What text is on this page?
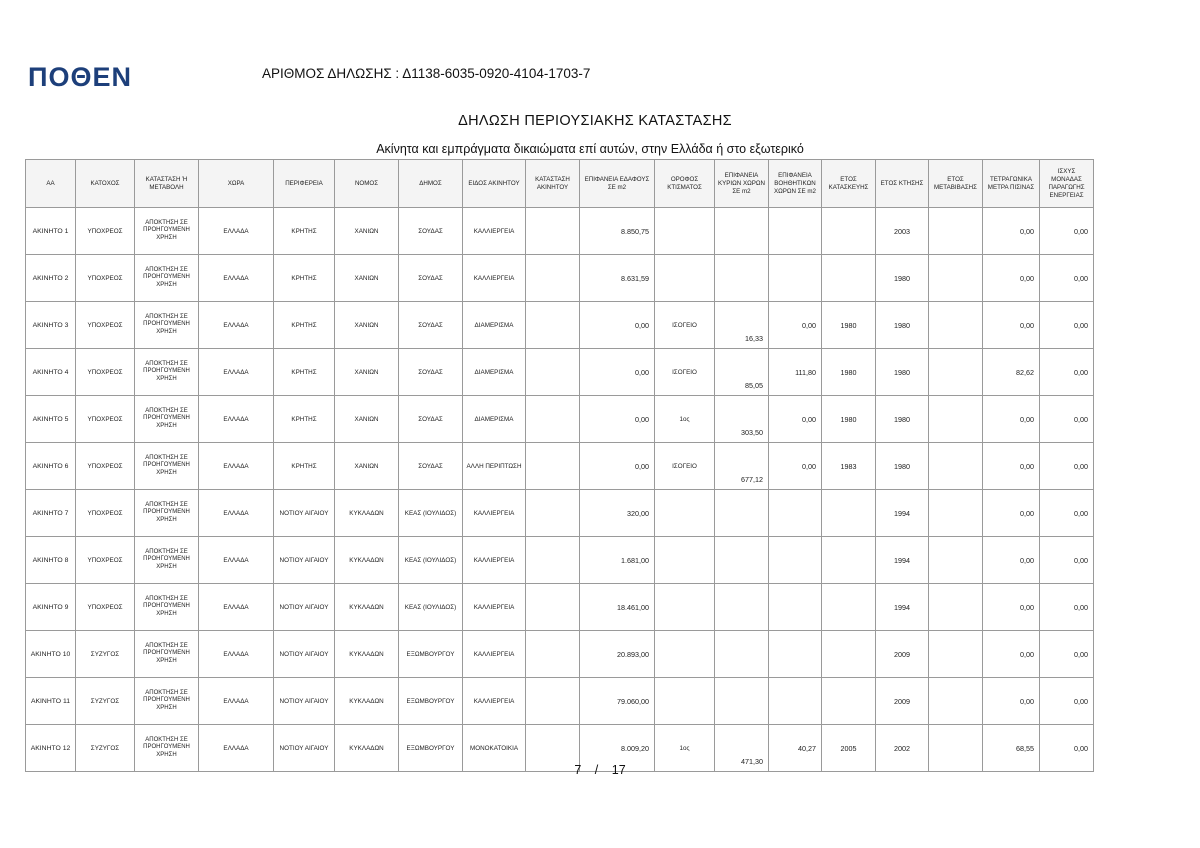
ΠΟΘΕΝ	ΑΡΙΘΜΟΣ ΔΗΛΩΣΗΣ : Δ1138-6035-0920-4104-1703-7
ΔΗΛΩΣΗ ΠΕΡΙΟΥΣΙΑΚΗΣ ΚΑΤΑΣΤΑΣΗΣ
Ακίνητα και εμπράγματα δικαιώματα επί αυτών, στην Ελλάδα ή στο εξωτερικό
ΑΑ	ΚΑΤΟΧΟΣ	ΚΑΤΑΣΤΑΣΗ Ή ΜΕΤΑΒΟΛΗ	ΧΩΡΑ	ΠΕΡΙΦΕΡΕΙΑ	ΝΟΜΟΣ	ΔΗΜΟΣ	ΕΙΔΟΣ ΑΚΙΝΗΤΟΥ	ΚΑΤΑΣΤΑΣΗ ΑΚΙΝΗΤΟΥ	ΕΠΙΦΑΝΕΙΑ ΕΔΑΦΟΥΣ ΣΕ m2	ΟΡΟΦΟΣ ΚΤΙΣΜΑΤΟΣ	ΕΠΙΦΑΝΕΙΑ ΚΥΡΙΩΝ ΧΩΡΩΝ ΣΕ m2	ΕΠΙΦΑΝΕΙΑ ΒΟΗΘΗΤΙΚΩΝ ΧΩΡΩΝ ΣΕ m2	ΕΤΟΣ ΚΑΤΑΣΚΕΥΗΣ	ΕΤΟΣ ΚΤΗΣΗΣ	ΕΤΟΣ ΜΕΤΑΒΙΒΑΣΗΣ	ΤΕΤΡΑΓΩΝΙΚΑ ΜΕΤΡΑ ΠΙΣΙΝΑΣ	ΙΣΧΥΣ ΜΟΝΑΔΑΣ ΠΑΡΑΓΩΓΗΣ ΕΝΕΡΓΕΙΑΣ
ΑΚΙΝΗΤΟ 1	ΥΠΟΧΡΕΟΣ	ΑΠΟΚΤΗΣΗ ΣΕ ΠΡΟΗΓΟΥΜΕΝΗ ΧΡΗΣΗ	ΕΛΛΑΔΑ	ΚΡΗΤΗΣ	ΧΑΝΙΩΝ	ΣΟΥΔΑΣ	ΚΑΛΛΙΕΡΓΕΙΑ		8.850,75					2003		0,00	0,00
ΑΚΙΝΗΤΟ 2	ΥΠΟΧΡΕΟΣ	ΑΠΟΚΤΗΣΗ ΣΕ ΠΡΟΗΓΟΥΜΕΝΗ ΧΡΗΣΗ	ΕΛΛΑΔΑ	ΚΡΗΤΗΣ	ΧΑΝΙΩΝ	ΣΟΥΔΑΣ	ΚΑΛΛΙΕΡΓΕΙΑ		8.631,59					1980		0,00	0,00
ΑΚΙΝΗΤΟ 3	ΥΠΟΧΡΕΟΣ	ΑΠΟΚΤΗΣΗ ΣΕ ΠΡΟΗΓΟΥΜΕΝΗ ΧΡΗΣΗ	ΕΛΛΑΔΑ	ΚΡΗΤΗΣ	ΧΑΝΙΩΝ	ΣΟΥΔΑΣ	ΔΙΑΜΕΡΙΣΜΑ		0,00	ΙΣΟΓΕΙΟ	16,33	0,00	1980	1980		0,00	0,00
ΑΚΙΝΗΤΟ 4	ΥΠΟΧΡΕΟΣ	ΑΠΟΚΤΗΣΗ ΣΕ ΠΡΟΗΓΟΥΜΕΝΗ ΧΡΗΣΗ	ΕΛΛΑΔΑ	ΚΡΗΤΗΣ	ΧΑΝΙΩΝ	ΣΟΥΔΑΣ	ΔΙΑΜΕΡΙΣΜΑ		0,00	ΙΣΟΓΕΙΟ	85,05	111,80	1980	1980		82,62	0,00
ΑΚΙΝΗΤΟ 5	ΥΠΟΧΡΕΟΣ	ΑΠΟΚΤΗΣΗ ΣΕ ΠΡΟΗΓΟΥΜΕΝΗ ΧΡΗΣΗ	ΕΛΛΑΔΑ	ΚΡΗΤΗΣ	ΧΑΝΙΩΝ	ΣΟΥΔΑΣ	ΔΙΑΜΕΡΙΣΜΑ		0,00	1ος	303,50	0,00	1980	1980		0,00	0,00
ΑΚΙΝΗΤΟ 6	ΥΠΟΧΡΕΟΣ	ΑΠΟΚΤΗΣΗ ΣΕ ΠΡΟΗΓΟΥΜΕΝΗ ΧΡΗΣΗ	ΕΛΛΑΔΑ	ΚΡΗΤΗΣ	ΧΑΝΙΩΝ	ΣΟΥΔΑΣ	ΑΛΛΗ ΠΕΡΙΠΤΩΣΗ		0,00	ΙΣΟΓΕΙΟ	677,12	0,00	1983	1980		0,00	0,00
ΑΚΙΝΗΤΟ 7	ΥΠΟΧΡΕΟΣ	ΑΠΟΚΤΗΣΗ ΣΕ ΠΡΟΗΓΟΥΜΕΝΗ ΧΡΗΣΗ	ΕΛΛΑΔΑ	ΝΟΤΙΟΥ ΑΙΓΑΙΟΥ	ΚΥΚΛΑΔΩΝ	ΚΕΑΣ (ΙΟΥΛΙΔΟΣ)	ΚΑΛΛΙΕΡΓΕΙΑ		320,00					1994		0,00	0,00
ΑΚΙΝΗΤΟ 8	ΥΠΟΧΡΕΟΣ	ΑΠΟΚΤΗΣΗ ΣΕ ΠΡΟΗΓΟΥΜΕΝΗ ΧΡΗΣΗ	ΕΛΛΑΔΑ	ΝΟΤΙΟΥ ΑΙΓΑΙΟΥ	ΚΥΚΛΑΔΩΝ	ΚΕΑΣ (ΙΟΥΛΙΔΟΣ)	ΚΑΛΛΙΕΡΓΕΙΑ		1.681,00					1994		0,00	0,00
ΑΚΙΝΗΤΟ 9	ΥΠΟΧΡΕΟΣ	ΑΠΟΚΤΗΣΗ ΣΕ ΠΡΟΗΓΟΥΜΕΝΗ ΧΡΗΣΗ	ΕΛΛΑΔΑ	ΝΟΤΙΟΥ ΑΙΓΑΙΟΥ	ΚΥΚΛΑΔΩΝ	ΚΕΑΣ (ΙΟΥΛΙΔΟΣ)	ΚΑΛΛΙΕΡΓΕΙΑ		18.461,00					1994		0,00	0,00
ΑΚΙΝΗΤΟ 10	ΣΥΖΥΓΟΣ	ΑΠΟΚΤΗΣΗ ΣΕ ΠΡΟΗΓΟΥΜΕΝΗ ΧΡΗΣΗ	ΕΛΛΑΔΑ	ΝΟΤΙΟΥ ΑΙΓΑΙΟΥ	ΚΥΚΛΑΔΩΝ	ΕΞΩΜΒΟΥΡΓΟΥ	ΚΑΛΛΙΕΡΓΕΙΑ		20.893,00					2009		0,00	0,00
ΑΚΙΝΗΤΟ 11	ΣΥΖΥΓΟΣ	ΑΠΟΚΤΗΣΗ ΣΕ ΠΡΟΗΓΟΥΜΕΝΗ ΧΡΗΣΗ	ΕΛΛΑΔΑ	ΝΟΤΙΟΥ ΑΙΓΑΙΟΥ	ΚΥΚΛΑΔΩΝ	ΕΞΩΜΒΟΥΡΓΟΥ	ΚΑΛΛΙΕΡΓΕΙΑ		79.060,00					2009		0,00	0,00
ΑΚΙΝΗΤΟ 12	ΣΥΖΥΓΟΣ	ΑΠΟΚΤΗΣΗ ΣΕ ΠΡΟΗΓΟΥΜΕΝΗ ΧΡΗΣΗ	ΕΛΛΑΔΑ	ΝΟΤΙΟΥ ΑΙΓΑΙΟΥ	ΚΥΚΛΑΔΩΝ	ΕΞΩΜΒΟΥΡΓΟΥ	ΜΟΝΟΚΑΤΟΙΚΙΑ		8.009,20	1ος	471,30	40,27	2005	2002		68,55	0,00
7 / 17
